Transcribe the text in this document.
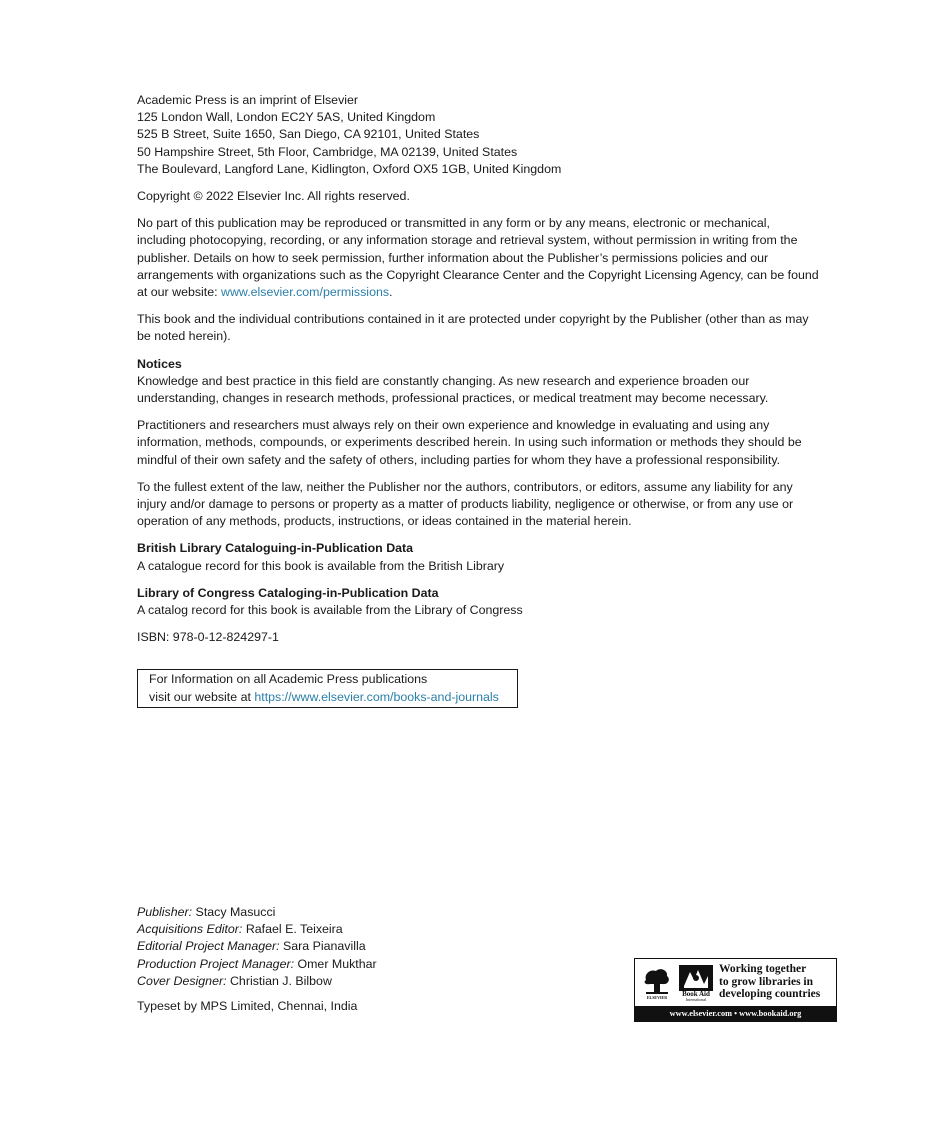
Academic Press is an imprint of Elsevier
125 London Wall, London EC2Y 5AS, United Kingdom
525 B Street, Suite 1650, San Diego, CA 92101, United States
50 Hampshire Street, 5th Floor, Cambridge, MA 02139, United States
The Boulevard, Langford Lane, Kidlington, Oxford OX5 1GB, United Kingdom
Copyright © 2022 Elsevier Inc. All rights reserved.
No part of this publication may be reproduced or transmitted in any form or by any means, electronic or mechanical,
including photocopying, recording, or any information storage and retrieval system, without permission in writing from the
publisher. Details on how to seek permission, further information about the Publisher’s permissions policies and our
arrangements with organizations such as the Copyright Clearance Center and the Copyright Licensing Agency, can be found
at our website: www.elsevier.com/permissions.
This book and the individual contributions contained in it are protected under copyright by the Publisher (other than as may
be noted herein).
Notices
Knowledge and best practice in this field are constantly changing. As new research and experience broaden our
understanding, changes in research methods, professional practices, or medical treatment may become necessary.
Practitioners and researchers must always rely on their own experience and knowledge in evaluating and using any
information, methods, compounds, or experiments described herein. In using such information or methods they should be
mindful of their own safety and the safety of others, including parties for whom they have a professional responsibility.
To the fullest extent of the law, neither the Publisher nor the authors, contributors, or editors, assume any liability for any
injury and/or damage to persons or property as a matter of products liability, negligence or otherwise, or from any use or
operation of any methods, products, instructions, or ideas contained in the material herein.
British Library Cataloguing-in-Publication Data
A catalogue record for this book is available from the British Library
Library of Congress Cataloging-in-Publication Data
A catalog record for this book is available from the Library of Congress
ISBN: 978-0-12-824297-1
For Information on all Academic Press publications
visit our website at https://www.elsevier.com/books-and-journals
Publisher: Stacy Masucci
Acquisitions Editor: Rafael E. Teixeira
Editorial Project Manager: Sara Pianavilla
Production Project Manager: Omer Mukthar
Cover Designer: Christian J. Bilbow
Typeset by MPS Limited, Chennai, India
ELSEVIER Book Aid
International
Working together
to grow libraries in
developing countries
www.elsevier.com • www.bookaid.org
